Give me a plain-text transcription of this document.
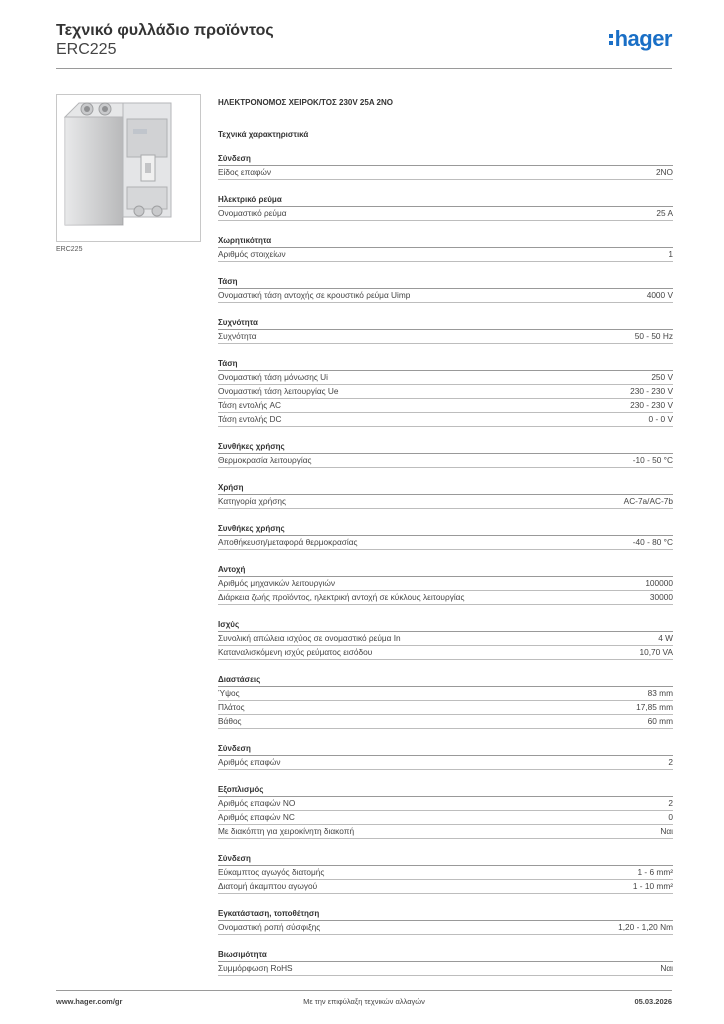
Τεχνικό φυλλάδιο προϊόντος
ERC225	hager
ERC225
ΗΛΕΚΤΡΟΝΟΜΟΣ ΧΕΙΡΟΚ/ΤΟΣ 230V 25A 2NO
Τεχνικά χαρακτηριστικά
Σύνδεση
Είδος επαφών	2NO
Ηλεκτρικό ρεύμα
Ονομαστικό ρεύμα	25 A
Χωρητικότητα
Αριθμός στοιχείων	1
Τάση
Ονομαστική τάση αντοχής σε κρουστικό ρεύμα Uimp	4000 V
Συχνότητα
Συχνότητα	50 - 50 Hz
Τάση
Ονομαστική τάση μόνωσης Ui	250 V
Ονομαστική τάση λειτουργίας Ue	230 - 230 V
Τάση εντολής AC	230 - 230 V
Τάση εντολής DC	0 - 0 V
Συνθήκες χρήσης
Θερμοκρασία λειτουργίας	-10 - 50 °C
Χρήση
Κατηγορία χρήσης	AC-7a/AC-7b
Συνθήκες χρήσης
Αποθήκευση/μεταφορά θερμοκρασίας	-40 - 80 °C
Αντοχή
Αριθμός μηχανικών λειτουργιών	100000
Διάρκεια ζωής προϊόντος, ηλεκτρική αντοχή σε κύκλους λειτουργίας	30000
Ισχύς
Συνολική απώλεια ισχύος σε ονομαστικό ρεύμα In	4 W
Καταναλισκόμενη ισχύς ρεύματος εισόδου	10,70 VA
Διαστάσεις
Ύψος	83 mm
Πλάτος	17,85 mm
Βάθος	60 mm
Σύνδεση
Αριθμός επαφών	2
Εξοπλισμός
Αριθμός επαφών NO	2
Αριθμός επαφών NC	0
Με διακόπτη για χειροκίνητη διακοπή	Ναι
Σύνδεση
Εύκαμπτος αγωγός διατομής	1 - 6 mm²
Διατομή άκαμπτου αγωγού	1 - 10 mm²
Εγκατάσταση, τοποθέτηση
Ονομαστική ροπή σύσφιξης	1,20 - 1,20 Nm
Βιωσιμότητα
Συμμόρφωση RoHS	Ναι
www.hager.com/gr	Με την επιφύλαξη τεχνικών αλλαγών	05.03.2026
